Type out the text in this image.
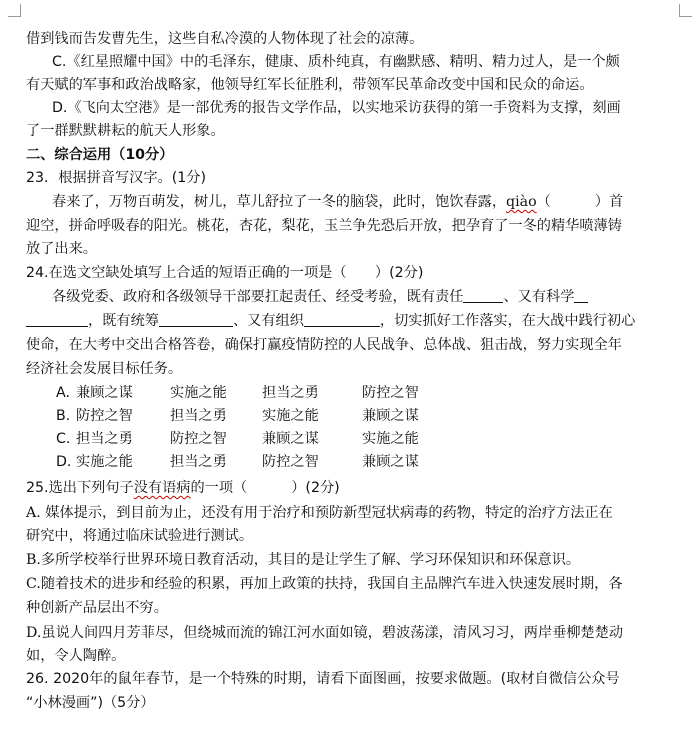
借到钱而告发曹先生，这些自私冷漠的人物体现了社会的凉薄。
C.《红星照耀中国》中的毛泽东，健康、质朴纯真，有幽默感、精明、精力过人，是一个颇
有天赋的军事和政治战略家，他领导红军长征胜利，带领军民革命改变中国和民众的命运。
D.《飞向太空港》是一部优秀的报告文学作品，以实地采访获得的第一手资料为支撑，刻画
了一群默默耕耘的航天人形象。
二、综合运用（10分）
23．根据拼音写汉字。(1分)
春来了，万物百萌发，树儿，草儿舒拉了一冬的脑袋，此时，饱饮春露，qiào（	）首
迎空，拼命呼吸春的阳光。桃花，杏花，梨花，玉兰争先恐后开放，把孕育了一冬的精华喷薄铸
放了出来。
24.在选文空缺处填写上合适的短语正确的一项是（　　）(2分)
各级党委、政府和各级领导干部要扛起责任、经受考验，既有责任	、又有科学
，既有统筹	、又有组织	，切实抓好工作落实，在大战中践行初心
使命，在大考中交出合格答卷，确保打赢疫情防控的人民战争、总体战、狙击战，努力实现全年
经济社会发展目标任务。
A. 兼顾之谋	实施之能 担当之勇	防控之智
B. 防控之智	担当之勇 实施之能	兼顾之谋
C. 担当之勇	防控之智 兼顾之谋	实施之能
D. 实施之能	担当之勇 防控之智	兼顾之谋
25.选出下列句子没有语病的一项（	）(2分)
A. 媒体提示，到目前为止，还没有用于治疗和预防新型冠状病毒的药物，特定的治疗方法正在
研究中，将通过临床试验进行测试。
B.多所学校举行世界环境日教育活动，其目的是让学生了解、学习环保知识和环保意识。
C.随着技术的进步和经验的积累，再加上政策的扶持，我国自主品牌汽车进入快速发展时期，各
种创新产品层出不穷。
D.虽说人间四月芳菲尽，但绕城而流的锦江河水面如镜，碧波荡漾，清风习习，两岸垂柳楚楚动
如，令人陶醉。
26. 2020年的鼠年春节，是一个特殊的时期，请看下面图画，按要求做题。(取材自微信公众号
“小林漫画”)（5分）
